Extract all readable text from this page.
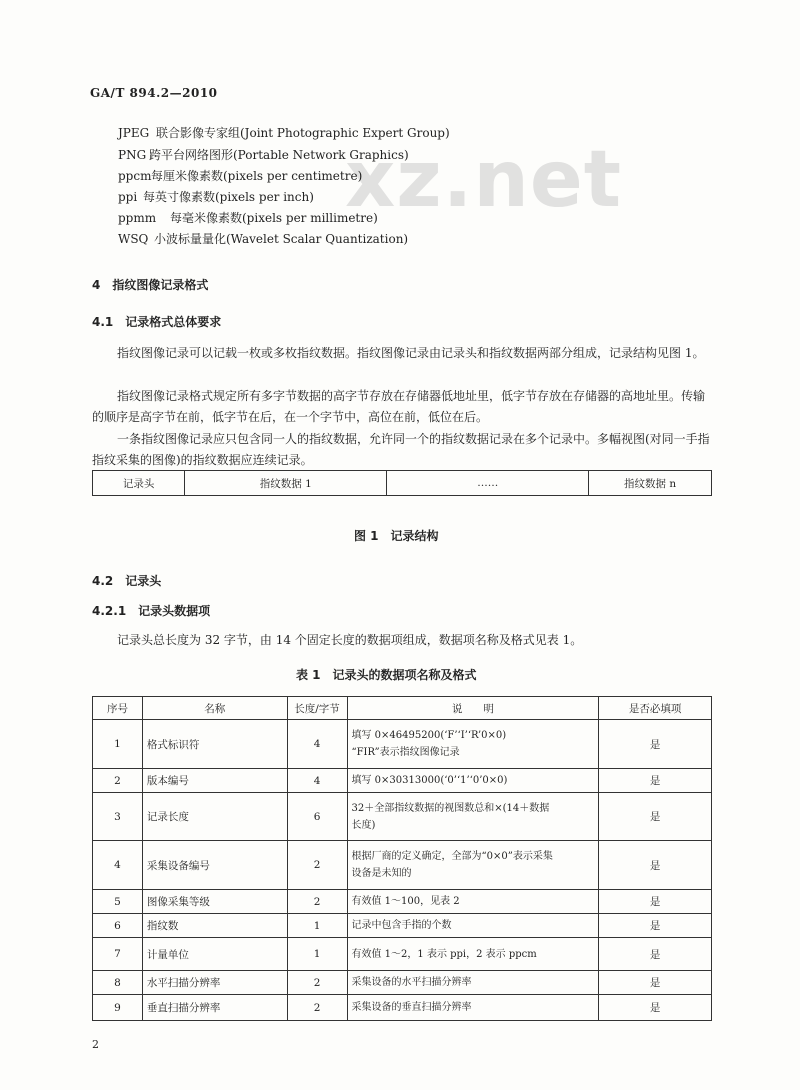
xz.net
GA/T 894.2—2010
JPEG 联合影像专家组(Joint Photographic Expert Group)
PNG 跨平台网络图形(Portable Network Graphics)
ppcm每厘米像素数(pixels per centimetre)
ppi 每英寸像素数(pixels per inch)
ppmm 每毫米像素数(pixels per millimetre)
WSQ 小波标量量化(Wavelet Scalar Quantization)
4　指纹图像记录格式
4.1　记录格式总体要求
指纹图像记录可以记载一枚或多枚指纹数据。指纹图像记录由记录头和指纹数据两部分组成，记录结构见图 1。
指纹图像记录格式规定所有多字节数据的高字节存放在存储器低地址里，低字节存放在存储器的高地址里。传输的顺序是高字节在前，低字节在后，在一个字节中，高位在前，低位在后。
一条指纹图像记录应只包含同一人的指纹数据，允许同一个的指纹数据记录在多个记录中。多幅视图(对同一手指指纹采集的图像)的指纹数据应连续记录。
记录头	指纹数据 1	……	指纹数据 n
图 1　记录结构
4.2　记录头
4.2.1　记录头数据项
记录头总长度为 32 字节，由 14 个固定长度的数据项组成，数据项名称及格式见表 1。
表 1　记录头的数据项名称及格式
序号	名称	长度/字节	说　　明	是否必填项
1	格式标识符	4	填写 0×46495200(‘F’‘I’‘R’0×0)
“FIR”表示指纹图像记录	是
2	版本编号	4	填写 0×30313000(‘0’‘1’‘0’0×0)	是
3	记录长度	6	32＋全部指纹数据的视图数总和×(14＋数据
长度)	是
4	采集设备编号	2	根据厂商的定义确定，全部为“0×0”表示采集
设备是未知的	是
5	图像采集等级	2	有效值 1～100，见表 2	是
6	指纹数	1	记录中包含手指的个数	是
7	计量单位	1	有效值 1～2，1 表示 ppi，2 表示 ppcm	是
8	水平扫描分辨率	2	采集设备的水平扫描分辨率	是
9	垂直扫描分辨率	2	采集设备的垂直扫描分辨率	是
2
